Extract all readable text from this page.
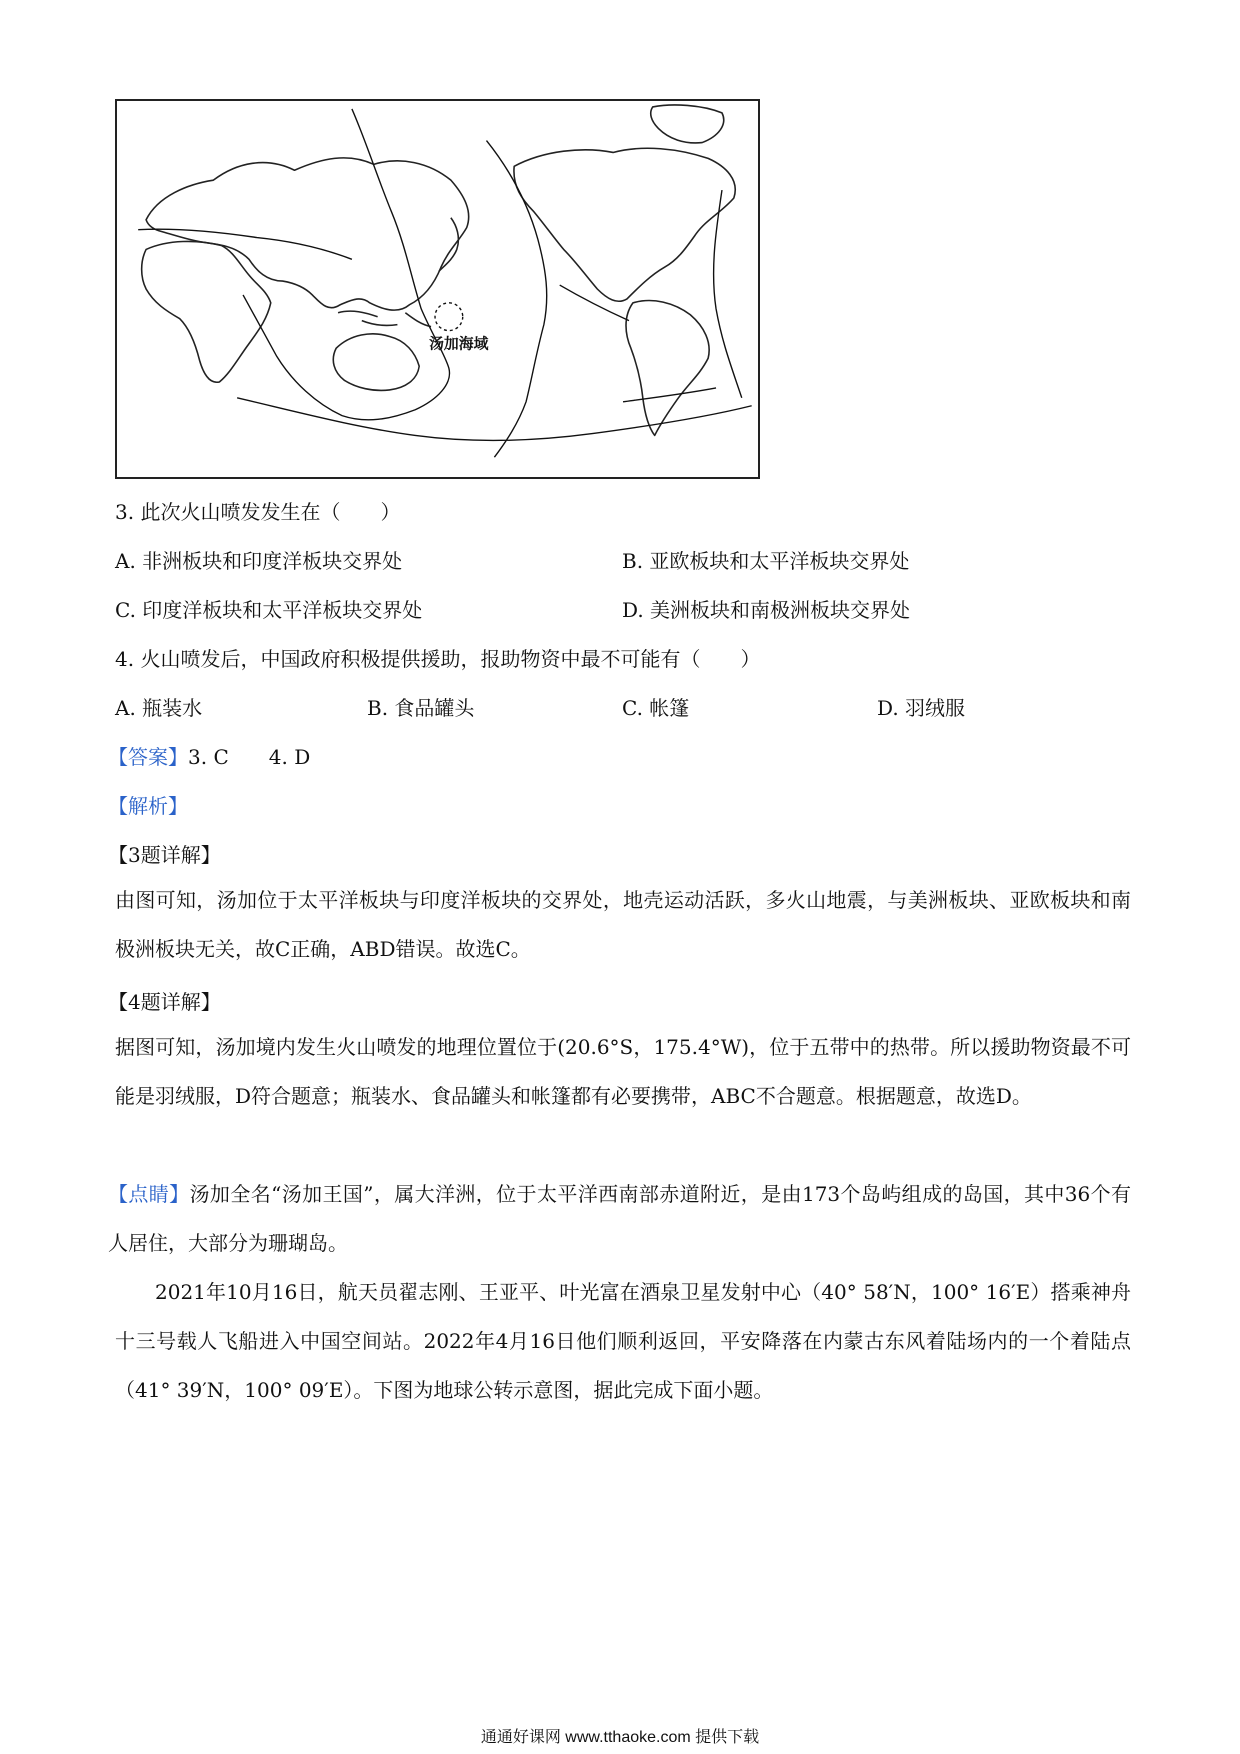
汤加海域
3. 此次火山喷发发生在（　　）
A. 非洲板块和印度洋板块交界处	B. 亚欧板块和太平洋板块交界处
C. 印度洋板块和太平洋板块交界处	D. 美洲板块和南极洲板块交界处
4. 火山喷发后，中国政府积极提供援助，报助物资中最不可能有（　　）
A. 瓶装水	B. 食品罐头	C. 帐篷	D. 羽绒服
【答案】3. C 4. D
【解析】
【3题详解】
由图可知，汤加位于太平洋板块与印度洋板块的交界处，地壳运动活跃，多火山地震，与美洲板块、亚欧板块和南极洲板块无关，故C正确，ABD错误。故选C。
【4题详解】
据图可知，汤加境内发生火山喷发的地理位置位于(20.6°S，175.4°W)，位于五带中的热带。所以援助物资最不可能是羽绒服，D符合题意；瓶装水、食品罐头和帐篷都有必要携带，ABC不合题意。根据题意，故选D。
【点睛】汤加全名“汤加王国”，属大洋洲，位于太平洋西南部赤道附近，是由173个岛屿组成的岛国，其中36个有人居住，大部分为珊瑚岛。
2021年10月16日，航天员翟志刚、王亚平、叶光富在酒泉卫星发射中心（40° 58′N，100° 16′E）搭乘神舟十三号载人飞船进入中国空间站。2022年4月16日他们顺利返回，平安降落在内蒙古东风着陆场内的一个着陆点（41° 39′N，100° 09′E）。下图为地球公转示意图，据此完成下面小题。
通通好课网 www.tthaoke.com 提供下载
